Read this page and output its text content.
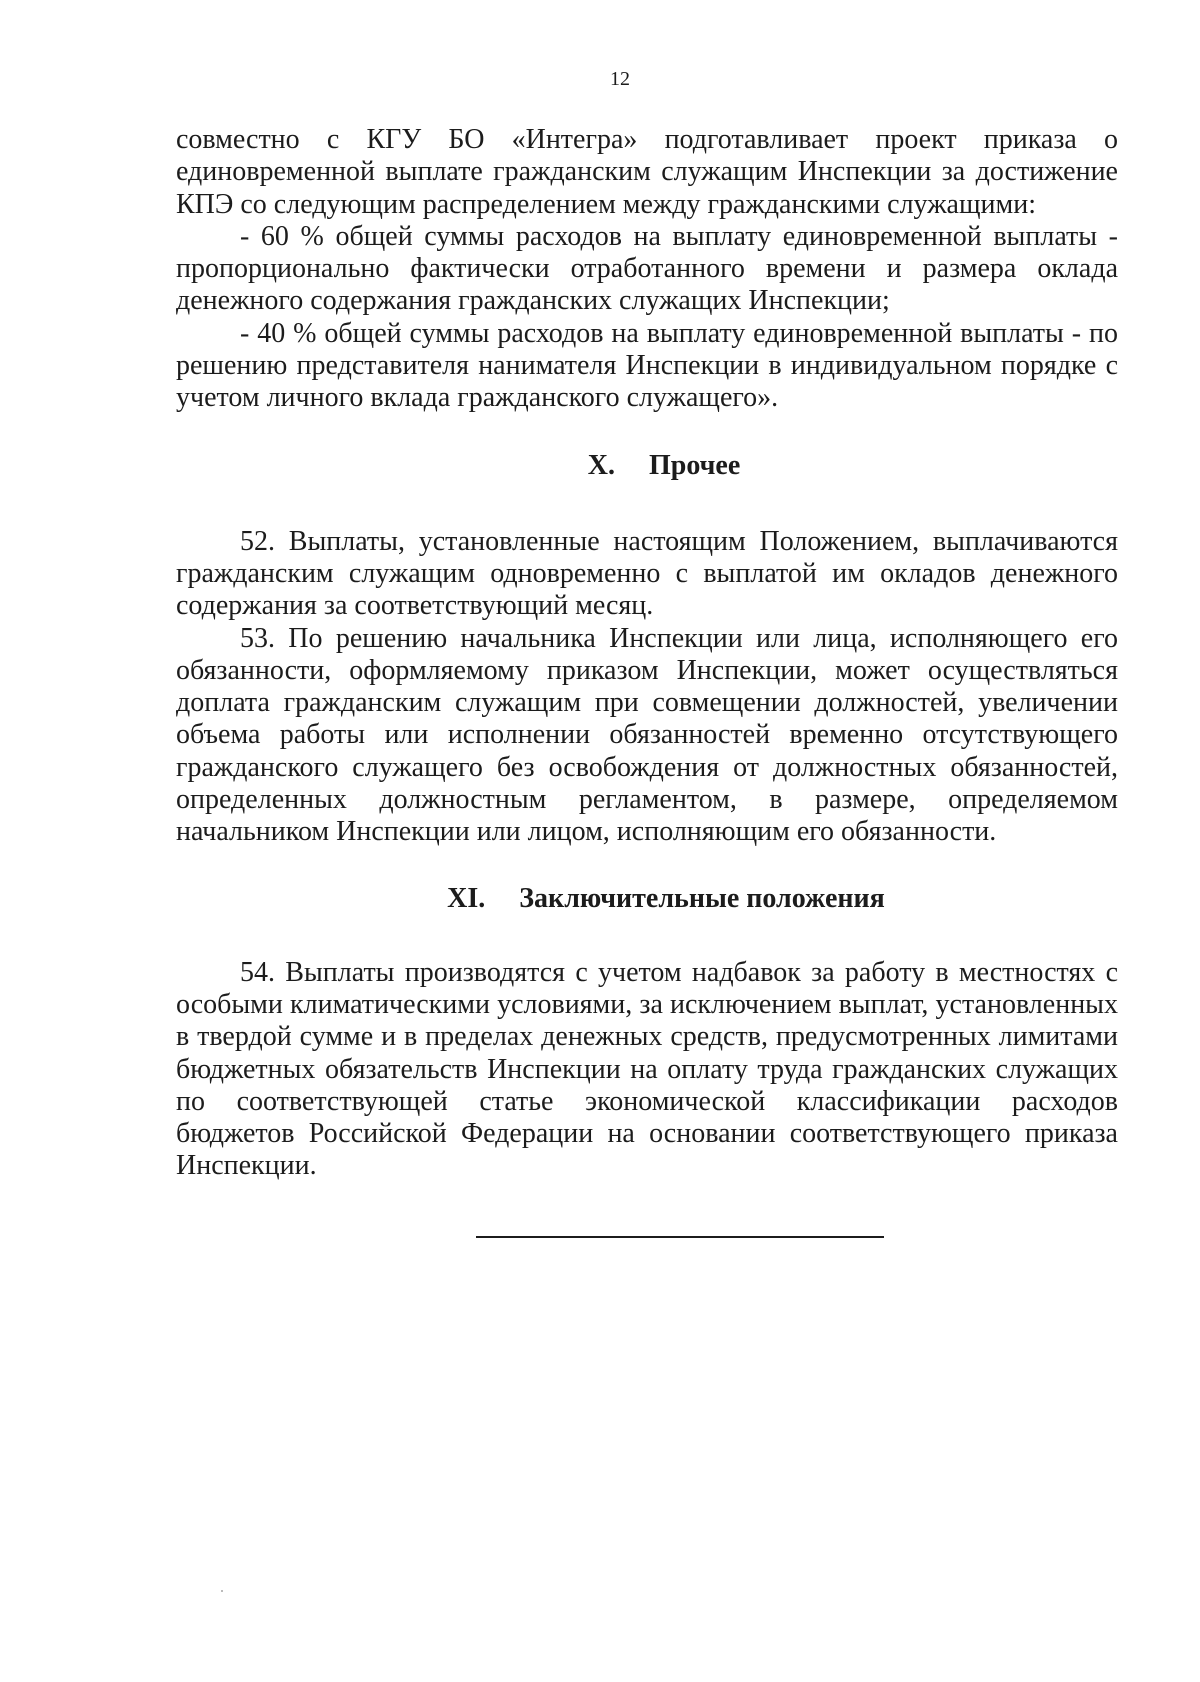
12

совместно с КГУ БО «Интегра» подготавливает проект приказа о единовременной выплате гражданским служащим Инспекции за достижение КПЭ со следующим распределением между гражданскими служащими:

- 60 % общей суммы расходов на выплату единовременной выплаты - пропорционально фактически отработанного времени и размера оклада денежного содержания гражданских служащих Инспекции;

- 40 % общей суммы расходов на выплату единовременной выплаты - по решению представителя нанимателя Инспекции в индивидуальном порядке с учетом личного вклада гражданского служащего».

X. Прочее

52. Выплаты, установленные настоящим Положением, выплачиваются гражданским служащим одновременно с выплатой им окладов денежного содержания за соответствующий месяц.

53. По решению начальника Инспекции или лица, исполняющего его обязанности, оформляемому приказом Инспекции, может осуществляться доплата гражданским служащим при совмещении должностей, увеличении объема работы или исполнении обязанностей временно отсутствующего гражданского служащего без освобождения от должностных обязанностей, определенных должностным регламентом, в размере, определяемом начальником Инспекции или лицом, исполняющим его обязанности.

XI. Заключительные положения

54. Выплаты производятся с учетом надбавок за работу в местностях с особыми климатическими условиями, за исключением выплат, установленных в твердой сумме и в пределах денежных средств, предусмотренных лимитами бюджетных обязательств Инспекции на оплату труда гражданских служащих по соответствующей статье экономической классификации расходов бюджетов Российской Федерации на основании соответствующего приказа Инспекции.
